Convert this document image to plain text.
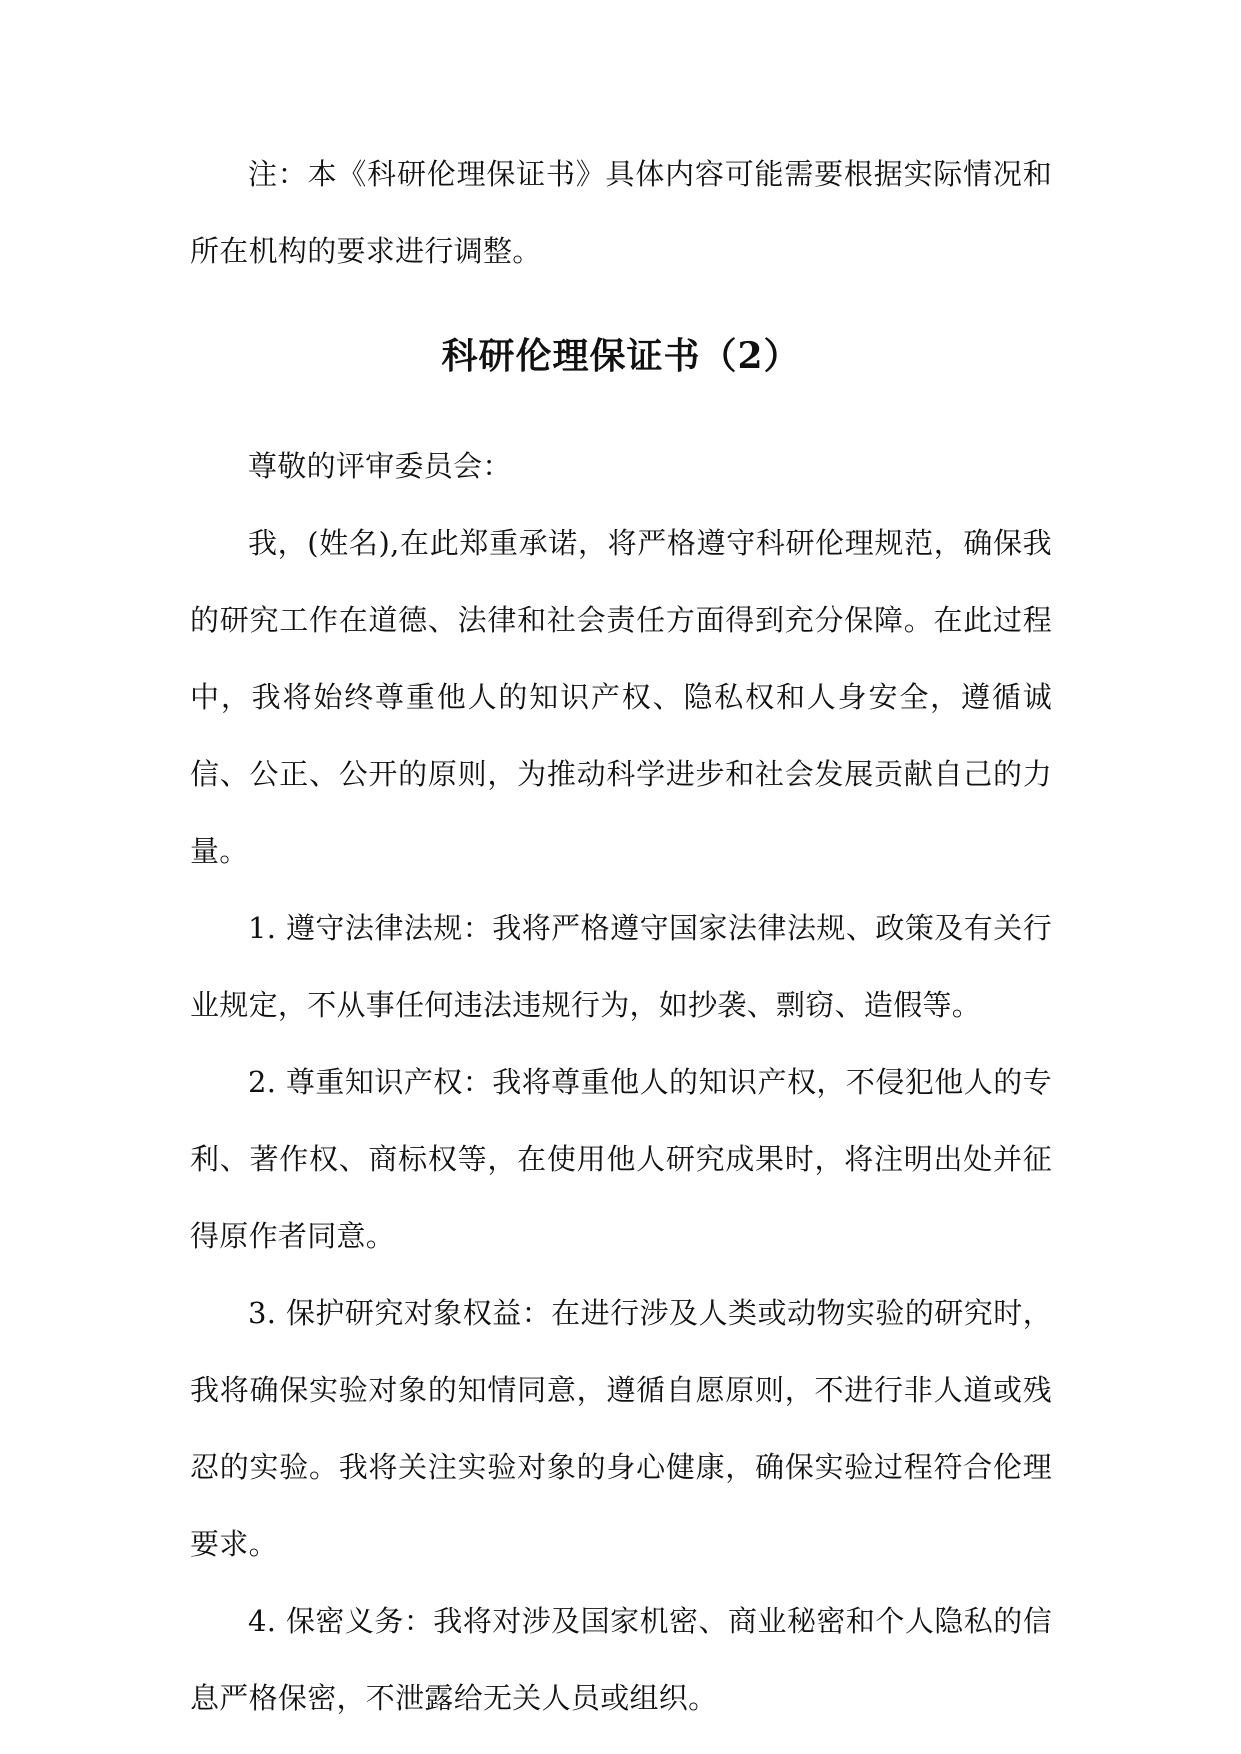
注：本《科研伦理保证书》具体内容可能需要根据实际情况和所在机构的要求进行调整。

科研伦理保证书（2）

尊敬的评审委员会：

我，(姓名),在此郑重承诺，将严格遵守科研伦理规范，确保我的研究工作在道德、法律和社会责任方面得到充分保障。在此过程中，我将始终尊重他人的知识产权、隐私权和人身安全，遵循诚信、公正、公开的原则，为推动科学进步和社会发展贡献自己的力量。

1. 遵守法律法规：我将严格遵守国家法律法规、政策及有关行业规定，不从事任何违法违规行为，如抄袭、剽窃、造假等。

2. 尊重知识产权：我将尊重他人的知识产权，不侵犯他人的专利、著作权、商标权等，在使用他人研究成果时，将注明出处并征得原作者同意。

3. 保护研究对象权益：在进行涉及人类或动物实验的研究时，我将确保实验对象的知情同意，遵循自愿原则，不进行非人道或残忍的实验。我将关注实验对象的身心健康，确保实验过程符合伦理要求。

4. 保密义务：我将对涉及国家机密、商业秘密和个人隐私的信息严格保密，不泄露给无关人员或组织。
